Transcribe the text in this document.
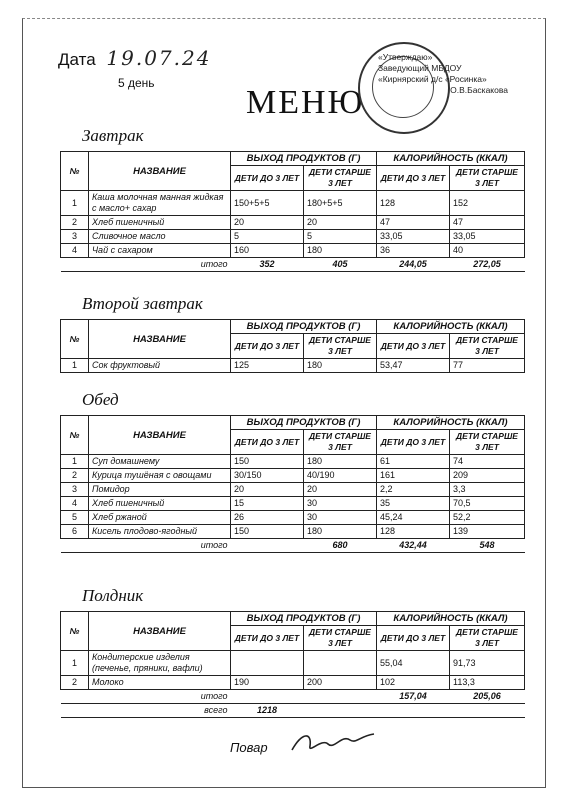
Дата 19.07.24
5 день
МЕНЮ
«Утверждаю»
Заведующий МБДОУ
«Кирнярский д/с «Росинка»
О.В.Баскакова
Завтрак
№	НАЗВАНИЕ	ВЫХОД ПРОДУКТОВ (Г)		КАЛОРИЙНОСТЬ (ККАЛ)	
		ДЕТИ ДО 3 ЛЕТ	ДЕТИ СТАРШЕ 3 ЛЕТ	ДЕТИ ДО 3 ЛЕТ	ДЕТИ СТАРШЕ 3 ЛЕТ
1	Каша молочная манная жидкая с масло+ сахар	150+5+5	180+5+5	128	152
2	Хлеб пшеничный	20	20	47	47
3	Сливочное масло	5	5	33,05	33,05
4	Чай с сахаром	160	180	36	40
	итого	352	405	244,05	272,05
Второй завтрак
№	НАЗВАНИЕ	ВЫХОД ПРОДУКТОВ (Г)		КАЛОРИЙНОСТЬ (ККАЛ)	
		ДЕТИ ДО 3 ЛЕТ	ДЕТИ СТАРШЕ 3 ЛЕТ	ДЕТИ ДО 3 ЛЕТ	ДЕТИ СТАРШЕ 3 ЛЕТ
1	Сок фруктовый	125	180	53,47	77
Обед
№	НАЗВАНИЕ	ВЫХОД ПРОДУКТОВ (Г)		КАЛОРИЙНОСТЬ (ККАЛ)	
		ДЕТИ ДО 3 ЛЕТ	ДЕТИ СТАРШЕ 3 ЛЕТ	ДЕТИ ДО 3 ЛЕТ	ДЕТИ СТАРШЕ 3 ЛЕТ
1	Суп домашнему	150	180	61	74
2	Курица тушёная с овощами	30/150	40/190	161	209
3	Помидор	20	20	2,2	3,3
4	Хлеб пшеничный	15	30	35	70,5
5	Хлеб ржаной	26	30	45,24	52,2
6	Кисель плодово-ягодный	150	180	128	139
	итого		680	432,44	548
Полдник
№	НАЗВАНИЕ	ВЫХОД ПРОДУКТОВ (Г)		КАЛОРИЙНОСТЬ (ККАЛ)	
		ДЕТИ ДО 3 ЛЕТ	ДЕТИ СТАРШЕ 3 ЛЕТ	ДЕТИ ДО 3 ЛЕТ	ДЕТИ СТАРШЕ 3 ЛЕТ
1	Кондитерские изделия (печенье, пряники, вафли)			55,04	91,73
2	Молоко	190	200	102	113,3
	итого			157,04	205,06
	всего	1218			
Повар
